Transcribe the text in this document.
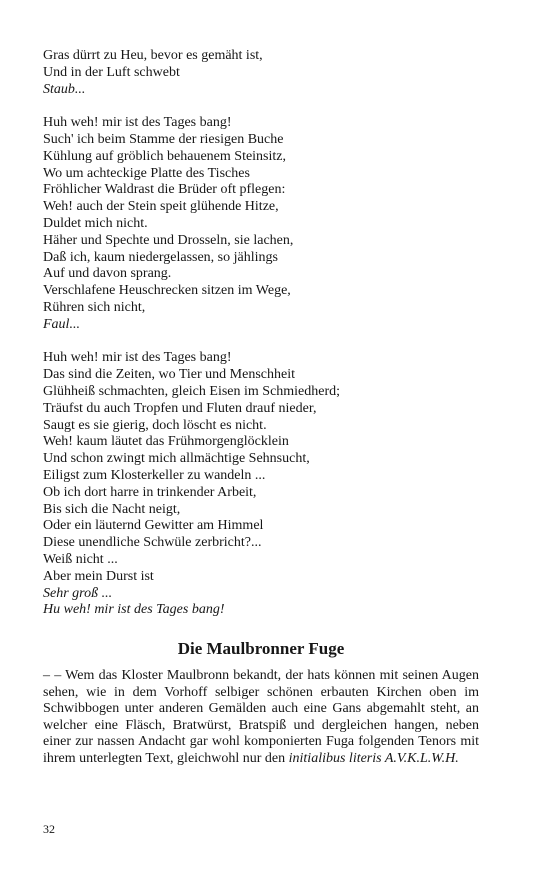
Gras dürrt zu Heu, bevor es gemäht ist,
Und in der Luft schwebt
Staub...
Huh weh! mir ist des Tages bang!
Such' ich beim Stamme der riesigen Buche
Kühlung auf gröblich behauenem Steinsitz,
Wo um achteckige Platte des Tisches
Fröhlicher Waldrast die Brüder oft pflegen:
Weh! auch der Stein speit glühende Hitze,
Duldet mich nicht.
Häher und Spechte und Drosseln, sie lachen,
Daß ich, kaum niedergelassen, so jählings
Auf und davon sprang.
Verschlafene Heuschrecken sitzen im Wege,
Rühren sich nicht,
Faul...
Huh weh! mir ist des Tages bang!
Das sind die Zeiten, wo Tier und Menschheit
Glühheiß schmachten, gleich Eisen im Schmiedherd;
Träufst du auch Tropfen und Fluten drauf nieder,
Saugt es sie gierig, doch löscht es nicht.
Weh! kaum läutet das Frühmorgenglöcklein
Und schon zwingt mich allmächtige Sehnsucht,
Eiligst zum Klosterkeller zu wandeln ...
Ob ich dort harre in trinkender Arbeit,
Bis sich die Nacht neigt,
Oder ein läuternd Gewitter am Himmel
Diese unendliche Schwüle zerbricht?...
Weiß nicht ...
Aber mein Durst ist
Sehr groß ...
Hu weh! mir ist des Tages bang!
Die Maulbronner Fuge

– – Wem das Kloster Maulbronn bekandt, der hats können mit seinen Augen sehen, wie in dem Vorhoff selbiger schönen erbauten Kirchen oben im Schwibbogen unter anderen Gemälden auch eine Gans abgemahlt steht, an welcher eine Fläsch, Bratwürst, Bratspiß und dergleichen hangen, neben einer zur nassen Andacht gar wohl komponierten Fuga folgenden Tenors mit ihrem unterlegten Text, gleichwohl nur den initialibus literis A.V.K.L.W.H.

32
